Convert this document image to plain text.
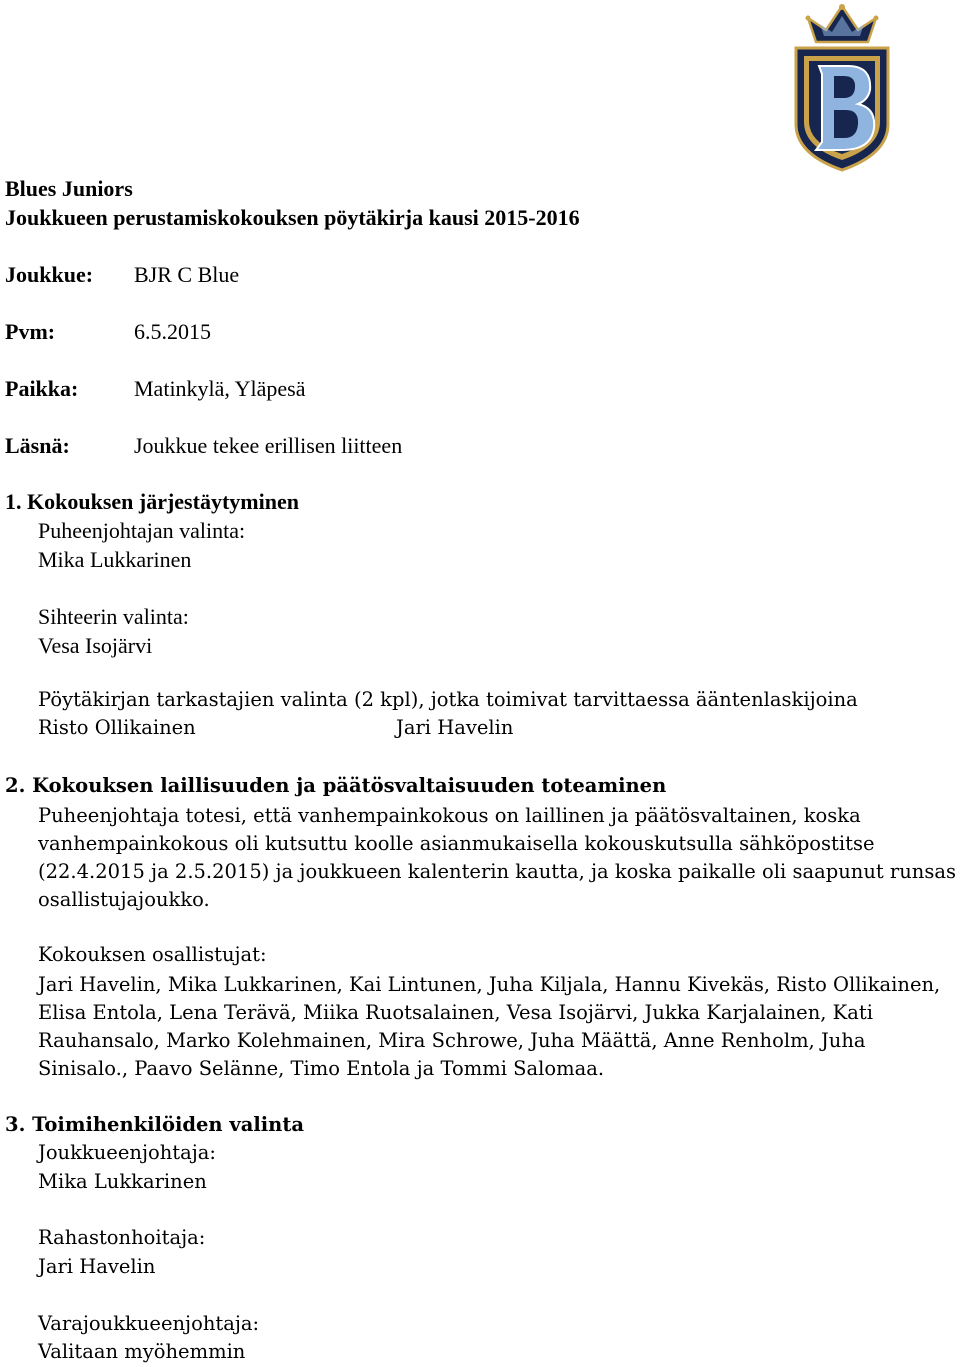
Blues Juniors
Joukkueen perustamiskokouksen pöytäkirja kausi 2015-2016
Joukkue: BJR C Blue
Pvm:	6.5.2015
Paikka:	Matinkylä, Yläpesä
Läsnä:	Joukkue tekee erillisen liitteen
1. Kokouksen järjestäytyminen
Puheenjohtajan valinta:
Mika Lukkarinen
Sihteerin valinta:
Vesa Isojärvi
Pöytäkirjan tarkastajien valinta (2 kpl), jotka toimivat tarvittaessa ääntenlaskijoina
Risto Ollikainen	Jari Havelin
2. Kokouksen laillisuuden ja päätösvaltaisuuden toteaminen
Puheenjohtaja totesi, että vanhempainkokous on laillinen ja päätösvaltainen, koska vanhempainkokous oli kutsuttu koolle asianmukaisella kokouskutsulla sähköpostitse (22.4.2015 ja 2.5.2015) ja joukkueen kalenterin kautta, ja koska paikalle oli saapunut runsas osallistujajoukko.
Kokouksen osallistujat:
Jari Havelin, Mika Lukkarinen, Kai Lintunen, Juha Kiljala, Hannu Kivekäs, Risto Ollikainen, Elisa Entola, Lena Terävä, Miika Ruotsalainen, Vesa Isojärvi, Jukka Karjalainen, Kati Rauhansalo, Marko Kolehmainen, Mira Schrowe, Juha Määttä, Anne Renholm, Juha Sinisalo., Paavo Selänne, Timo Entola ja Tommi Salomaa.
3. Toimihenkilöiden valinta
Joukkueenjohtaja:
Mika Lukkarinen
Rahastonhoitaja:
Jari Havelin
Varajoukkueenjohtaja:
Valitaan myöhemmin
